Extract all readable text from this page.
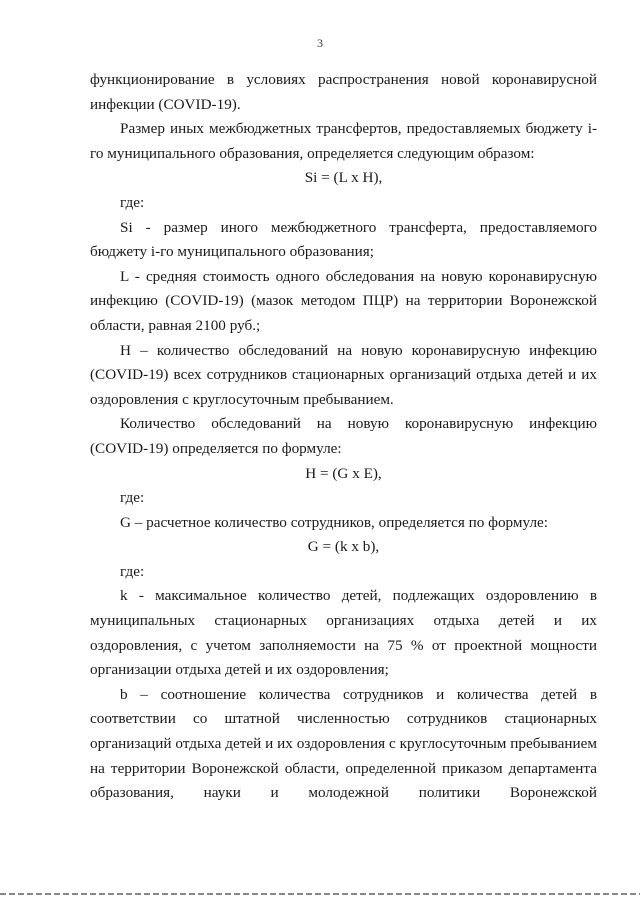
3

функционирование в условиях распространения новой коронавирусной инфекции (COVID-19).

Размер иных межбюджетных трансфертов, предоставляемых бюджету i-го муниципального образования, определяется следующим образом:

Si = (L x H),

где:

Si - размер иного межбюджетного трансферта, предоставляемого бюджету i-го муниципального образования;

L - средняя стоимость одного обследования на новую коронавирусную инфекцию (COVID-19) (мазок методом ПЦР) на территории Воронежской области, равная 2100 руб.;

H – количество обследований на новую коронавирусную инфекцию (COVID-19) всех сотрудников стационарных организаций отдыха детей и их оздоровления с круглосуточным пребыванием.

Количество обследований на новую коронавирусную инфекцию (COVID-19) определяется по формуле:

H = (G x E),

где:

G – расчетное количество сотрудников, определяется по формуле:

G = (k x b),

где:

k - максимальное количество детей, подлежащих оздоровлению в муниципальных стационарных организациях отдыха детей и их оздоровления, с учетом заполняемости на 75 % от проектной мощности организации отдыха детей и их оздоровления;

b – соотношение количества сотрудников и количества детей в соответствии со штатной численностью сотрудников стационарных организаций отдыха детей и их оздоровления с круглосуточным пребыванием на территории Воронежской области, определенной приказом департамента образования, науки и молодежной политики Воронежской
